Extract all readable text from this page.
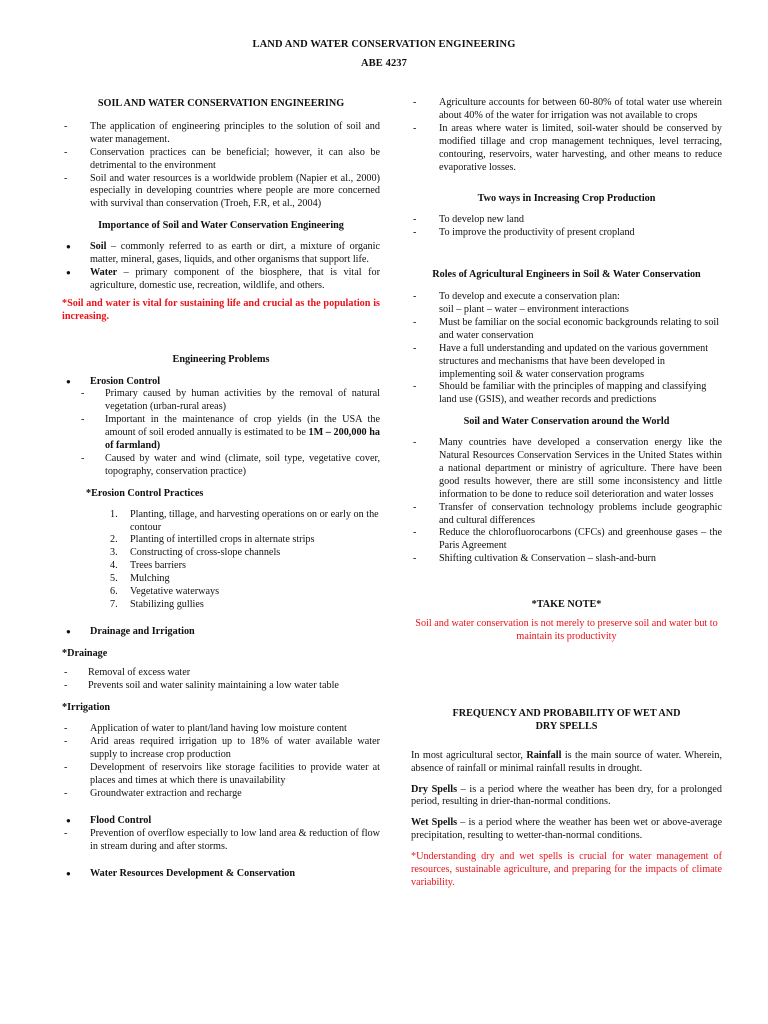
LAND AND WATER CONSERVATION ENGINEERING
ABE 4237
SOIL AND WATER CONSERVATION ENGINEERING
- The application of engineering principles to the solution of soil and water management.
- Conservation practices can be beneficial; however, it can also be detrimental to the environment
- Soil and water resources is a worldwide problem (Napier et al., 2000) especially in developing countries where people are more concerned with survival than conservation (Troeh, F.R, et al., 2004)
Importance of Soil and Water Conservation Engineering
● Soil – commonly referred to as earth or dirt, a mixture of organic matter, mineral, gases, liquids, and other organisms that support life.
● Water – primary component of the biosphere, that is vital for agriculture, domestic use, recreation, wildlife, and others.
*Soil and water is vital for sustaining life and crucial as the population is increasing.
Engineering Problems
● Erosion Control
- Primary caused by human activities by the removal of natural vegetation (urban-rural areas)
- Important in the maintenance of crop yields (in the USA the amount of soil eroded annually is estimated to be 1M – 200,000 ha of farmland)
- Caused by water and wind (climate, soil type, vegetative cover, topography, conservation practice)
*Erosion Control Practices
1. Planting, tillage, and harvesting operations on or early on the contour
2. Planting of intertilled crops in alternate strips
3. Constructing of cross-slope channels
4. Trees barriers
5. Mulching
6. Vegetative waterways
7. Stabilizing gullies
● Drainage and Irrigation
*Drainage
- Removal of excess water
- Prevents soil and water salinity maintaining a low water table
*Irrigation
- Application of water to plant/land having low moisture content
- Arid areas required irrigation up to 18% of water available water supply to increase crop production
- Development of reservoirs like storage facilities to provide water at places and times at which there is unavailability
- Groundwater extraction and recharge
● Flood Control
- Prevention of overflow especially to low land area & reduction of flow in stream during and after storms.
● Water Resources Development & Conservation
- Agriculture accounts for between 60-80% of total water use wherein about 40% of the water for irrigation was not available to crops
- In areas where water is limited, soil-water should be conserved by modified tillage and crop management techniques, level terracing, contouring, reservoirs, water harvesting, and other means to reduce evaporative losses.
Two ways in Increasing Crop Production
- To develop new land
- To improve the productivity of present cropland
Roles of Agricultural Engineers in Soil & Water Conservation
- To develop and execute a conservation plan:
soil – plant – water – environment interactions
- Must be familiar on the social economic backgrounds relating to soil and water conservation
- Have a full understanding and updated on the various government structures and mechanisms that have been developed in implementing soil & water conservation programs
- Should be familiar with the principles of mapping and classifying land use (GSIS), and weather records and predictions
Soil and Water Conservation around the World
- Many countries have developed a conservation energy like the Natural Resources Conservation Services in the United States within a national department or ministry of agriculture. There have been good results however, there are still some inconsistency and little information to be done to reduce soil deterioration and water losses
- Transfer of conservation technology problems include geographic and cultural differences
- Reduce the chlorofluorocarbons (CFCs) and greenhouse gases – the Paris Agreement
- Shifting cultivation & Conservation – slash-and-burn
*TAKE NOTE*
Soil and water conservation is not merely to preserve soil and water but to maintain its productivity
FREQUENCY AND PROBABILITY OF WET AND DRY SPELLS
In most agricultural sector, Rainfall is the main source of water. Wherein, absence of rainfall or minimal rainfall results in drought.
Dry Spells – is a period where the weather has been dry, for a prolonged period, resulting in drier-than-normal conditions.
Wet Spells – is a period where the weather has been wet or above-average precipitation, resulting to wetter-than-normal conditions.
*Understanding dry and wet spells is crucial for water management of resources, sustainable agriculture, and preparing for the impacts of climate variability.
